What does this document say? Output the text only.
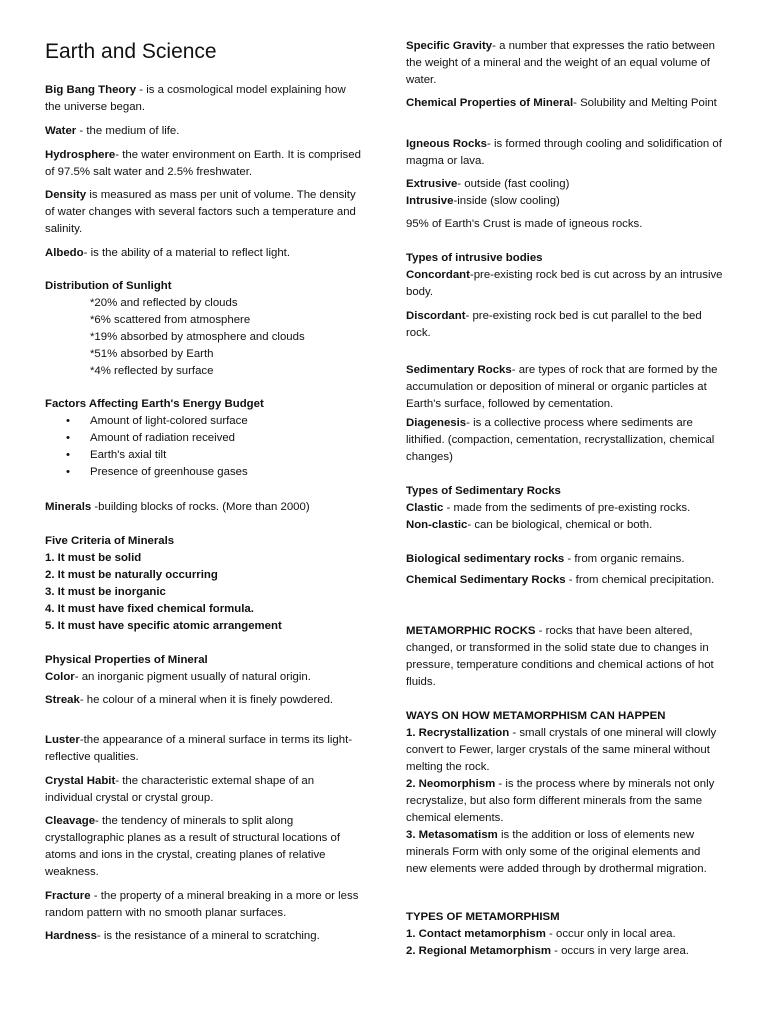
Earth and Science
Big Bang Theory - is a cosmological model explaining how the universe began.
Water - the medium of life.
Hydrosphere- the water environment on Earth. It is comprised of 97.5% salt water and 2.5% freshwater.
Density is measured as mass per unit of volume. The density of water changes with several factors such a temperature and salinity.
Albedo- is the ability of a material to reflect light.
Distribution of Sunlight
*20% and reflected by clouds
*6% scattered from atmosphere
*19% absorbed by atmosphere and clouds
*51% absorbed by Earth
*4% reflected by surface
Factors Affecting Earth's Energy Budget
• Amount of light-colored surface
• Amount of radiation received
• Earth's axial tilt
• Presence of greenhouse gases
Minerals -building blocks of rocks. (More than 2000)
Five Criteria of Minerals
1. It must be solid
2. It must be naturally occurring
3. It must be inorganic
4. It must have fixed chemical formula.
5. It must have specific atomic arrangement
Physical Properties of Mineral
Color- an inorganic pigment usually of natural origin.
Streak- he colour of a mineral when it is finely powdered.
Luster-the appearance of a mineral surface in terms its light-reflective qualities.
Crystal Habit- the characteristic extemal shape of an individual crystal or crystal group.
Cleavage- the tendency of minerals to split along crystallographic planes as a result of structural locations of atoms and ions in the crystal, creating planes of relative weakness.
Fracture - the property of a mineral breaking in a more or less random pattern with no smooth planar surfaces.
Hardness- is the resistance of a mineral to scratching.
Specific Gravity- a number that expresses the ratio between the weight of a mineral and the weight of an equal volume of water.
Chemical Properties of Mineral- Solubility and Melting Point
Igneous Rocks- is formed through cooling and solidification of magma or lava.
Extrusive- outside (fast cooling)
Intrusive-inside (slow cooling)
95% of Earth's Crust is made of igneous rocks.
Types of intrusive bodies
Concordant-pre-existing rock bed is cut across by an intrusive body.
Discordant- pre-existing rock bed is cut parallel to the bed rock.
Sedimentary Rocks- are types of rock that are formed by the accumulation or deposition of mineral or organic particles at Earth's surface, followed by cementation.
Diagenesis- is a collective process where sediments are lithified. (compaction, cementation, recrystallization, chemical changes)
Types of Sedimentary Rocks
Clastic - made from the sediments of pre-existing rocks.
Non-clastic- can be biological, chemical or both.
Biological sedimentary rocks - from organic remains.
Chemical Sedimentary Rocks - from chemical precipitation.
METAMORPHIC ROCKS - rocks that have been altered, changed, or transformed in the solid state due to changes in pressure, temperature conditions and chemical actions of hot fluids.
WAYS ON HOW METAMORPHISM CAN HAPPEN
1. Recrystallization - small crystals of one mineral will clowly convert to Fewer, larger crystals of the same mineral without melting the rock.
2. Neomorphism - is the process where by minerals not only recrystalize, but also form different minerals from the same chemical elements.
3. Metasomatism is the addition or loss of elements new minerals Form with only some of the original elements and new elements were added through by drothermal migration.
TYPES OF METAMORPHISM
1. Contact metamorphism - occur only in local area.
2. Regional Metamorphism - occurs in very large area.
